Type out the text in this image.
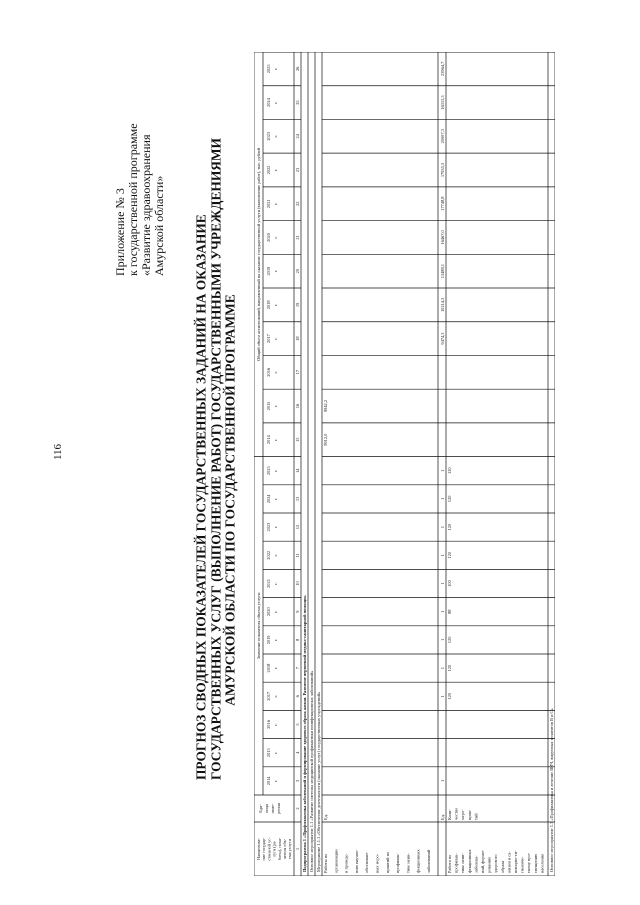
116
Приложение № 3 к государственной программе «Развитие здравоохранения Амурской области» ПРОГНОЗ СВОДНЫХ ПОКАЗАТЕЛЕЙ ГОСУДАРСТВЕННЫХ ЗАДАНИЙ НА ОКАЗАНИЕ ГОСУДАРСТВЕННЫХ УСЛУГ (ВЫПОЛНЕНИЕ РАБОТ) ГОСУДАРСТВЕННЫМИ УЧРЕЖДЕНИЯМИ АМУРСКОЙ ОБЛАСТИ ПО ГОСУДАРСТВЕННОЙ ПРОГРАММЕ
Наименова- ние государ- ственной ус- луги (ра- боты), пока- зателя объ- ема услуги
Еди- ница изме- рения
Значение показателя объема услуги
Общий объем ассигнований, направленный на оказание государственной услуги (выполнение работ), тыс. рублей
2014 г.
2015 г.
2016 г.
2017 г.
2018 г.
2019 г.
2020 г.
2021 г.
2022 г.
2023 г.
2024 г.
2025 г.
2014 г.
2015 г.
2016 г.
2017 г.
2018 г.
2019 г.
2020 г.
2021 г.
2022 г.
2023 г.
2024 г.
2025 г.
1
2
3
4
5
6
7
8
9
10
11
12
13
14
15
16
17
18
19
20
21
22
23
24
25
26
Подпрограмма 1 «Профилактика заболеваний и формирование здорового образа жизни. Развитие первичной медико-санитарной помощи» Основное мероприятие 1.1 «Развитие системы медицинской профилактики неинфекционных заболеваний» Мероприятие 1.1.1 «Обеспечение деятельности (оказание услуг) государственных учреждений» Работы по организации и проведе- нию научно- обоснован- ных меро- приятий по профилак- тике неин- фекционных заболеваний
Ед.
9912,0
9942,2
Ед.
1
1
1
1
1
1
1
1
1
1
9474,3
10214,3
13488,1
16467,0
17748,8
17935,3
20007,3
16315,3
23964,7
Работа по профилак- тике неин- фекционных заболева- ний, форми- рованию здорового образа жизни и са- нитарно-ги- гиениче- скому про- свещению населения
Коли- чество меро- прия- тий
120
120
120
88
100
120
120
120
120
Основное мероприятие 1.3 «Профилактика и лечение ВИЧ, вирусных гепатитов В и С»
